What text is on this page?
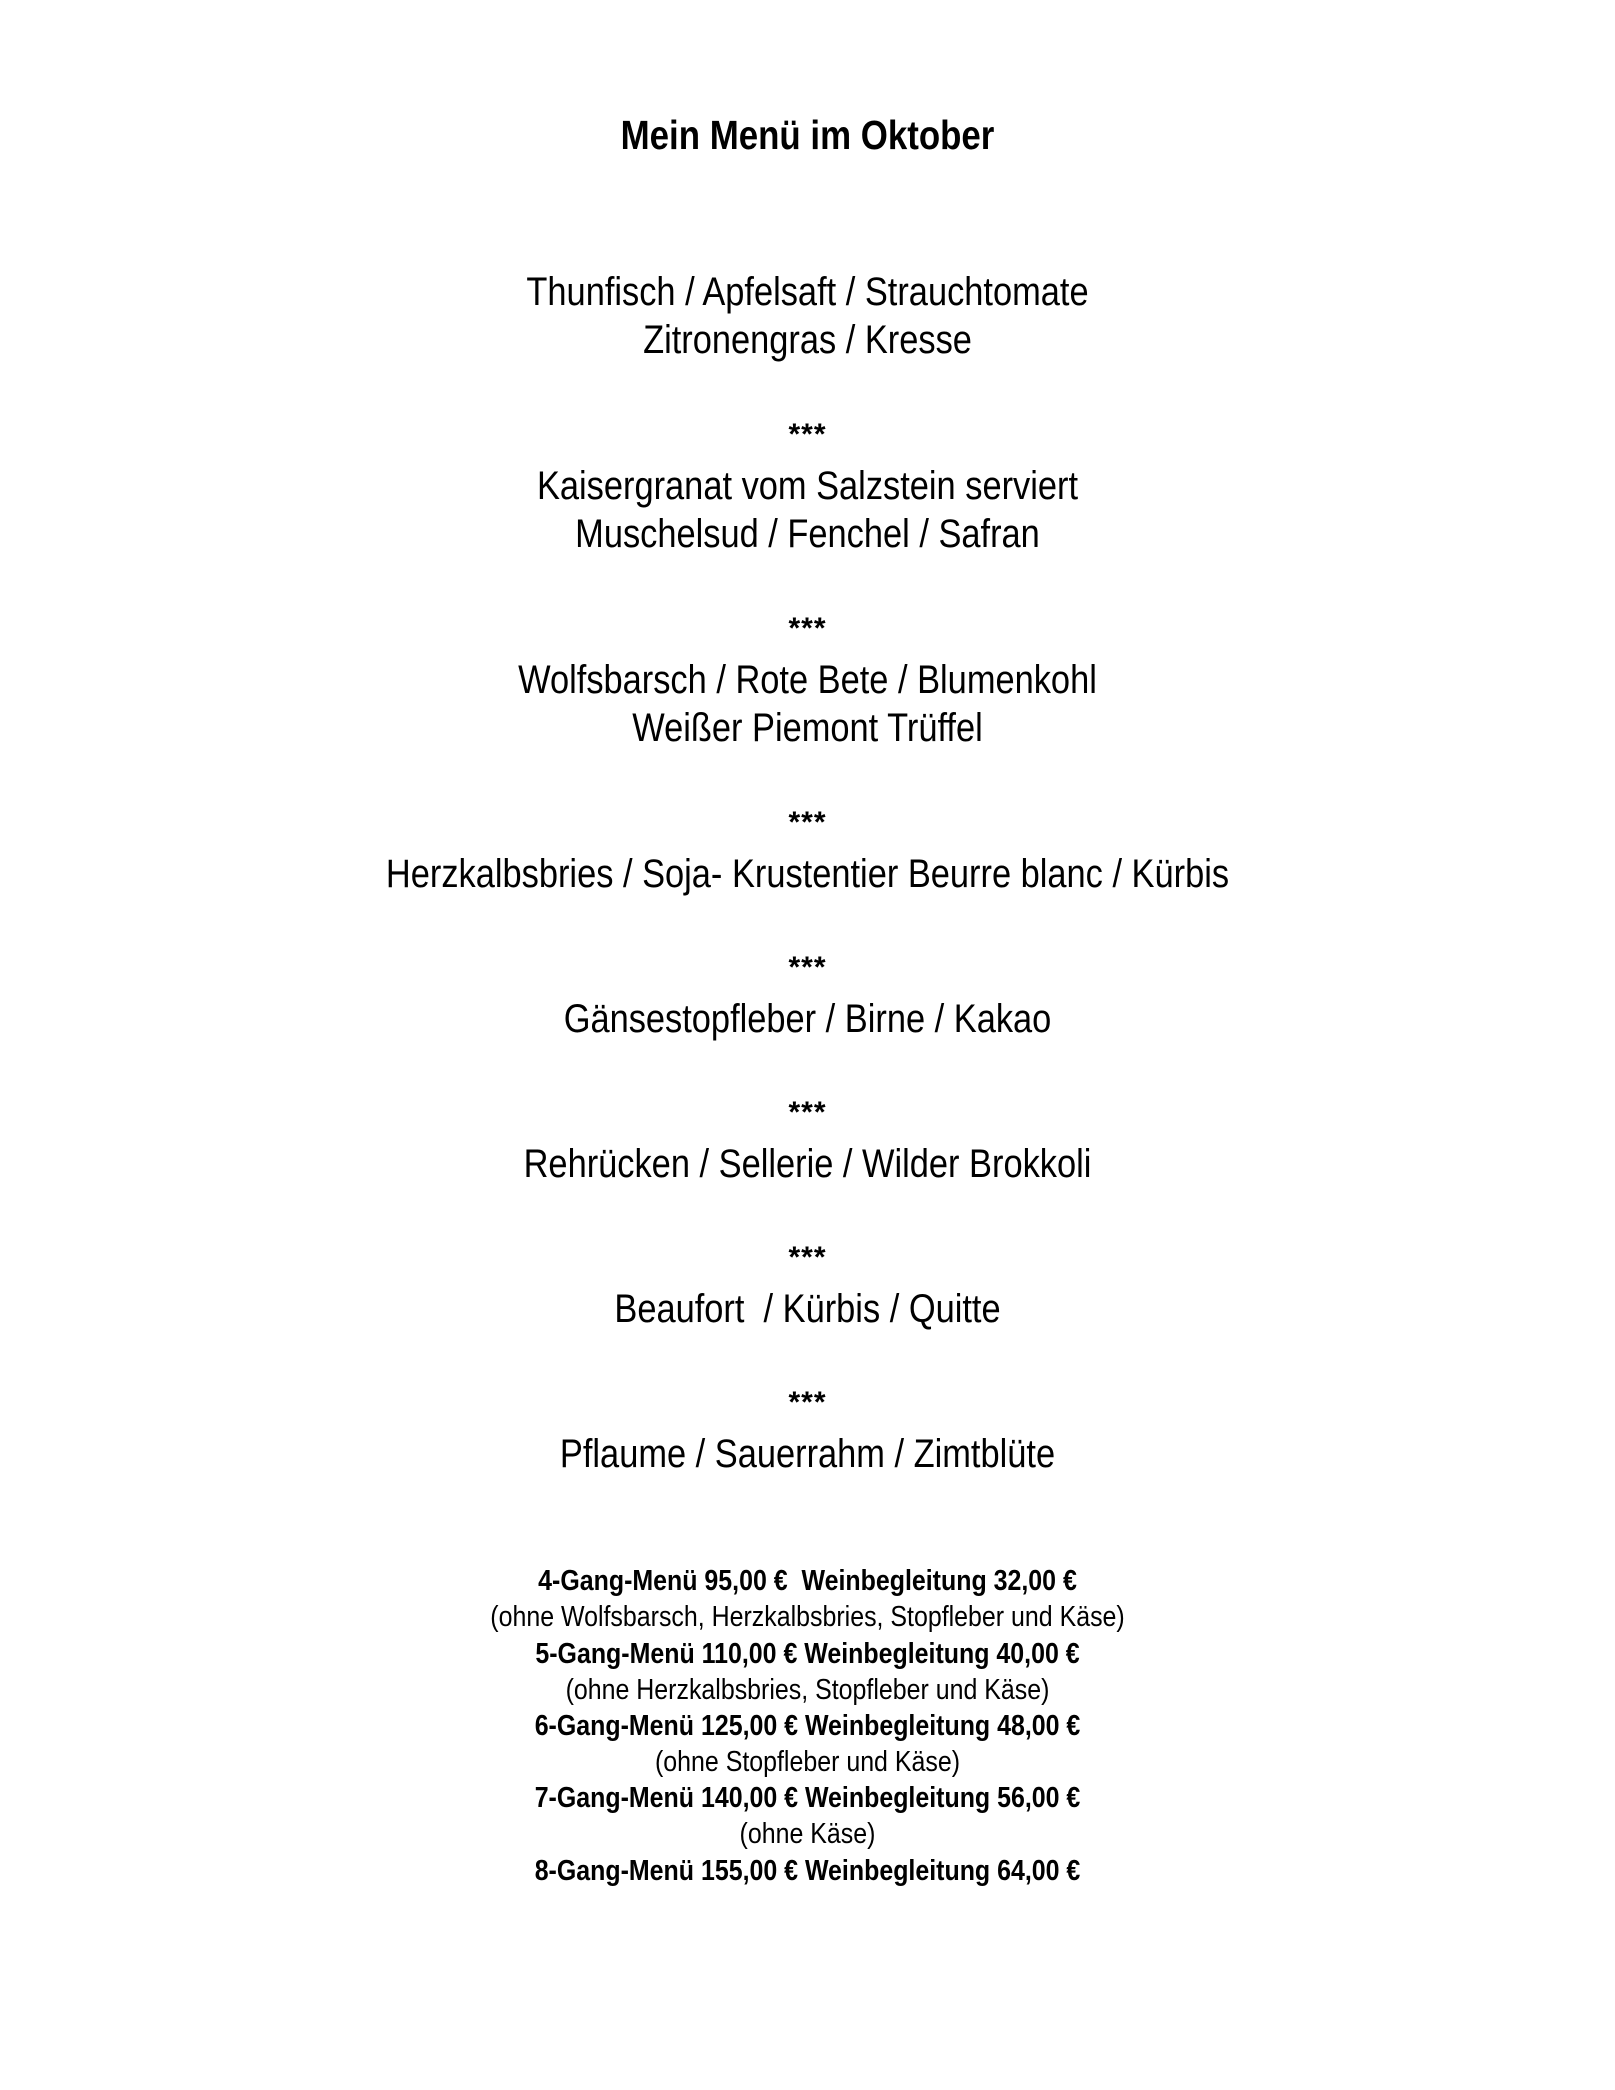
Mein Menü im Oktober
Thunfisch / Apfelsaft / Strauchtomate
Zitronengras / Kresse
***
Kaisergranat vom Salzstein serviert
Muschelsud / Fenchel / Safran
***
Wolfsbarsch / Rote Bete / Blumenkohl
Weißer Piemont Trüffel
***
Herzkalbsbries / Soja- Krustentier Beurre blanc / Kürbis
***
Gänsestopfleber / Birne / Kakao
***
Rehrücken / Sellerie / Wilder Brokkoli
***
Beaufort  / Kürbis / Quitte
***
Pflaume / Sauerrahm / Zimtblüte
4-Gang-Menü 95,00 €  Weinbegleitung 32,00 €
(ohne Wolfsbarsch, Herzkalbsbries, Stopfleber und Käse)
5-Gang-Menü 110,00 € Weinbegleitung 40,00 €
(ohne Herzkalbsbries, Stopfleber und Käse)
6-Gang-Menü 125,00 € Weinbegleitung 48,00 €
(ohne Stopfleber und Käse)
7-Gang-Menü 140,00 € Weinbegleitung 56,00 €
(ohne Käse)
8-Gang-Menü 155,00 € Weinbegleitung 64,00 €
